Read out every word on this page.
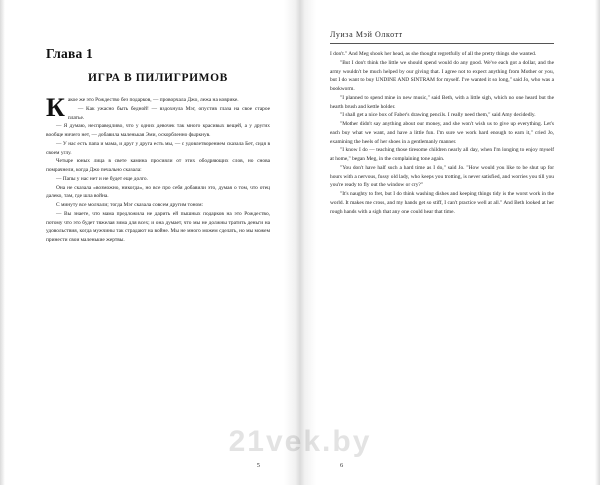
Глава 1
ИГРА В ПИЛИГРИМОВ

Какое же это Рождество без подарков, — проворчала Джо, лежа на коврике.

— Как ужасно быть бедной! — вздохнула Мэг, опустив глаза на свое старое платье.

— Я думаю, несправедливо, что у одних девочек так много красивых вещей, а у других вообще ничего нет, — добавила маленькая Эми, оскорбленно фыркнув.

— У нас есть папа и мама, и друг у друга есть мы, — с удовлетворением сказала Бет, сидя в своем углу.

Четыре юных лица в свете камина просияли от этих ободряющих слов, но снова помрачнели, когда Джо печально сказала:

— Папы у нас нет и не будет еще долго.

Она не сказала «возможно, никогда», но все про себя добавили это, думая о том, что отец далеко, там, где шла война.

С минуту все молчали; тогда Мэг сказала совсем другим тоном:

— Вы знаете, что мама предложила не дарить ей пышных подарков на это Рождество, потому что это будет тяжелая зима для всех; и она думает, что мы не должны тратить деньги на удовольствия, когда мужчины так страдают на войне. Мы не много можем сделать, но мы можем принести свои маленькие жертвы.

5
Луиза Мэй Олкотт

I don't." And Meg shook her head, as she thought regretfully of all the pretty things she wanted.

"But I don't think the little we should spend would do any good. We've each got a dollar, and the army wouldn't be much helped by our giving that. I agree not to expect anything from Mother or you, but I do want to buy UNDINE AND SINTRAM for myself. I've wanted it so long," said Jo, who was a bookworm.

"I planned to spend mine in new music," said Beth, with a little sigh, which no one heard but the hearth brush and kettle holder.

"I shall get a nice box of Faber's drawing pencils. I really need them," said Amy decidedly.

"Mother didn't say anything about our money, and she won't wish us to give up everything. Let's each buy what we want, and have a little fun. I'm sure we work hard enough to earn it," cried Jo, examining the heels of her shoes in a gentlemanly manner.

"I know I do — teaching those tiresome children nearly all day, when I'm longing to enjoy myself at home," began Meg, in the complaining tone again.

"You don't have half such a hard time as I do," said Jo. "How would you like to be shut up for hours with a nervous, fussy old lady, who keeps you trotting, is never satisfied, and worries you till you you're ready to fly out the window or cry?"

"It's naughty to fret, but I do think washing dishes and keeping things tidy is the worst work in the world. It makes me cross, and my hands get so stiff, I can't practice well at all." And Beth looked at her rough hands with a sigh that any one could hear that time.

6
